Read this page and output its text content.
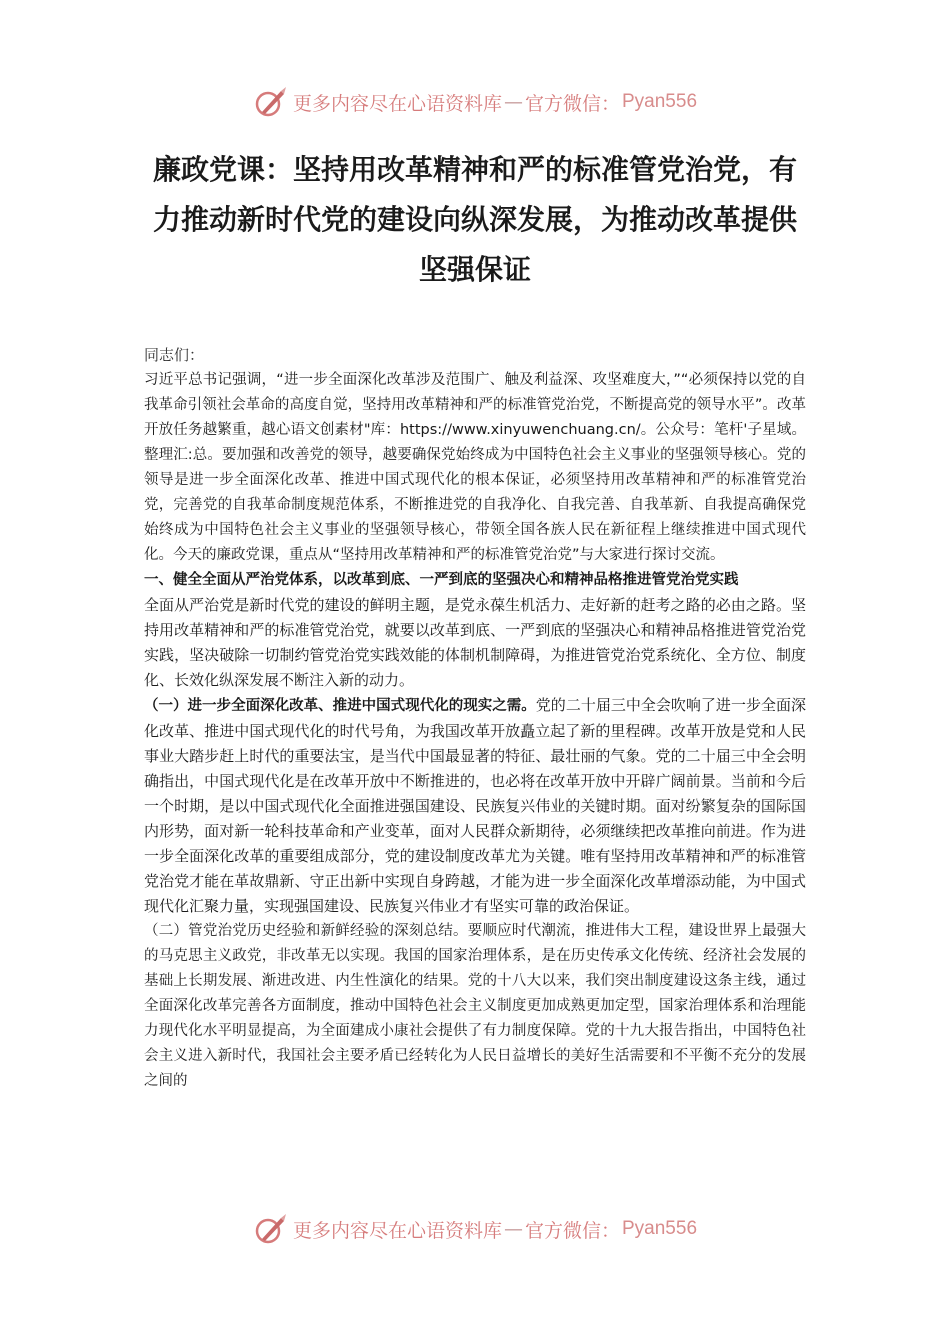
更多内容尽在心语资料库 — 官方微信： Pyan556
廉政党课：坚持用改革精神和严的标准管党治党，有力推动新时代党的建设向纵深发展，为推动改革提供坚强保证

同志们：

习近平总书记强调，“进一步全面深化改革涉及范围广、触及利益深、攻坚难度大，”“必须保持以党的自我革命引领社会革命的高度自觉，坚持用改革精神和严的标准管党治党，不断提高党的领导水平”。改革开放任务越繁重，越心语文创素材"库：https://www.xinyuwenchuang.cn/。公众号：笔杆'子星域。整理汇:总。要加强和改善党的领导，越要确保党始终成为中国特色社会主义事业的坚强领导核心。党的领导是进一步全面深化改革、推进中国式现代化的根本保证，必须坚持用改革精神和严的标准管党治党，完善党的自我革命制度规范体系，不断推进党的自我净化、自我完善、自我革新、自我提高确保党始终成为中国特色社会主义事业的坚强领导核心，带领全国各族人民在新征程上继续推进中国式现代化。今天的廉政党课，重点从“坚持用改革精神和严的标准管党治党”与大家进行探讨交流。

一、健全全面从严治党体系，以改革到底、一严到底的坚强决心和精神品格推进管党治党实践

全面从严治党是新时代党的建设的鲜明主题，是党永葆生机活力、走好新的赶考之路的必由之路。坚持用改革精神和严的标准管党治党，就要以改革到底、一严到底的坚强决心和精神品格推进管党治党实践，坚决破除一切制约管党治党实践效能的体制机制障碍，为推进管党治党系统化、全方位、制度化、长效化纵深发展不断注入新的动力。

（一）进一步全面深化改革、推进中国式现代化的现实之需。党的二十届三中全会吹响了进一步全面深化改革、推进中国式现代化的时代号角，为我国改革开放矗立起了新的里程碑。改革开放是党和人民事业大踏步赶上时代的重要法宝，是当代中国最显著的特征、最壮丽的气象。党的二十届三中全会明确指出，中国式现代化是在改革开放中不断推进的，也必将在改革开放中开辟广阔前景。当前和今后一个时期，是以中国式现代化全面推进强国建设、民族复兴伟业的关键时期。面对纷繁复杂的国际国内形势，面对新一轮科技革命和产业变革，面对人民群众新期待，必须继续把改革推向前进。作为进一步全面深化改革的重要组成部分，党的建设制度改革尤为关键。唯有坚持用改革精神和严的标准管党治党才能在革故鼎新、守正出新中实现自身跨越，才能为进一步全面深化改革增添动能，为中国式现代化汇聚力量，实现强国建设、民族复兴伟业才有坚实可靠的政治保证。

（二）管党治党历史经验和新鲜经验的深刻总结。要顺应时代潮流，推进伟大工程，建设世界上最强大的马克思主义政党，非改革无以实现。我国的国家治理体系，是在历史传承文化传统、经济社会发展的基础上长期发展、渐进改进、内生性演化的结果。党的十八大以来，我们突出制度建设这条主线，通过全面深化改革完善各方面制度，推动中国特色社会主义制度更加成熟更加定型，国家治理体系和治理能力现代化水平明显提高，为全面建成小康社会提供了有力制度保障。党的十九大报告指出，中国特色社会主义进入新时代，我国社会主要矛盾已经转化为人民日益增长的美好生活需要和不平衡不充分的发展之间的

更多内容尽在心语资料库 — 官方微信： Pyan556
